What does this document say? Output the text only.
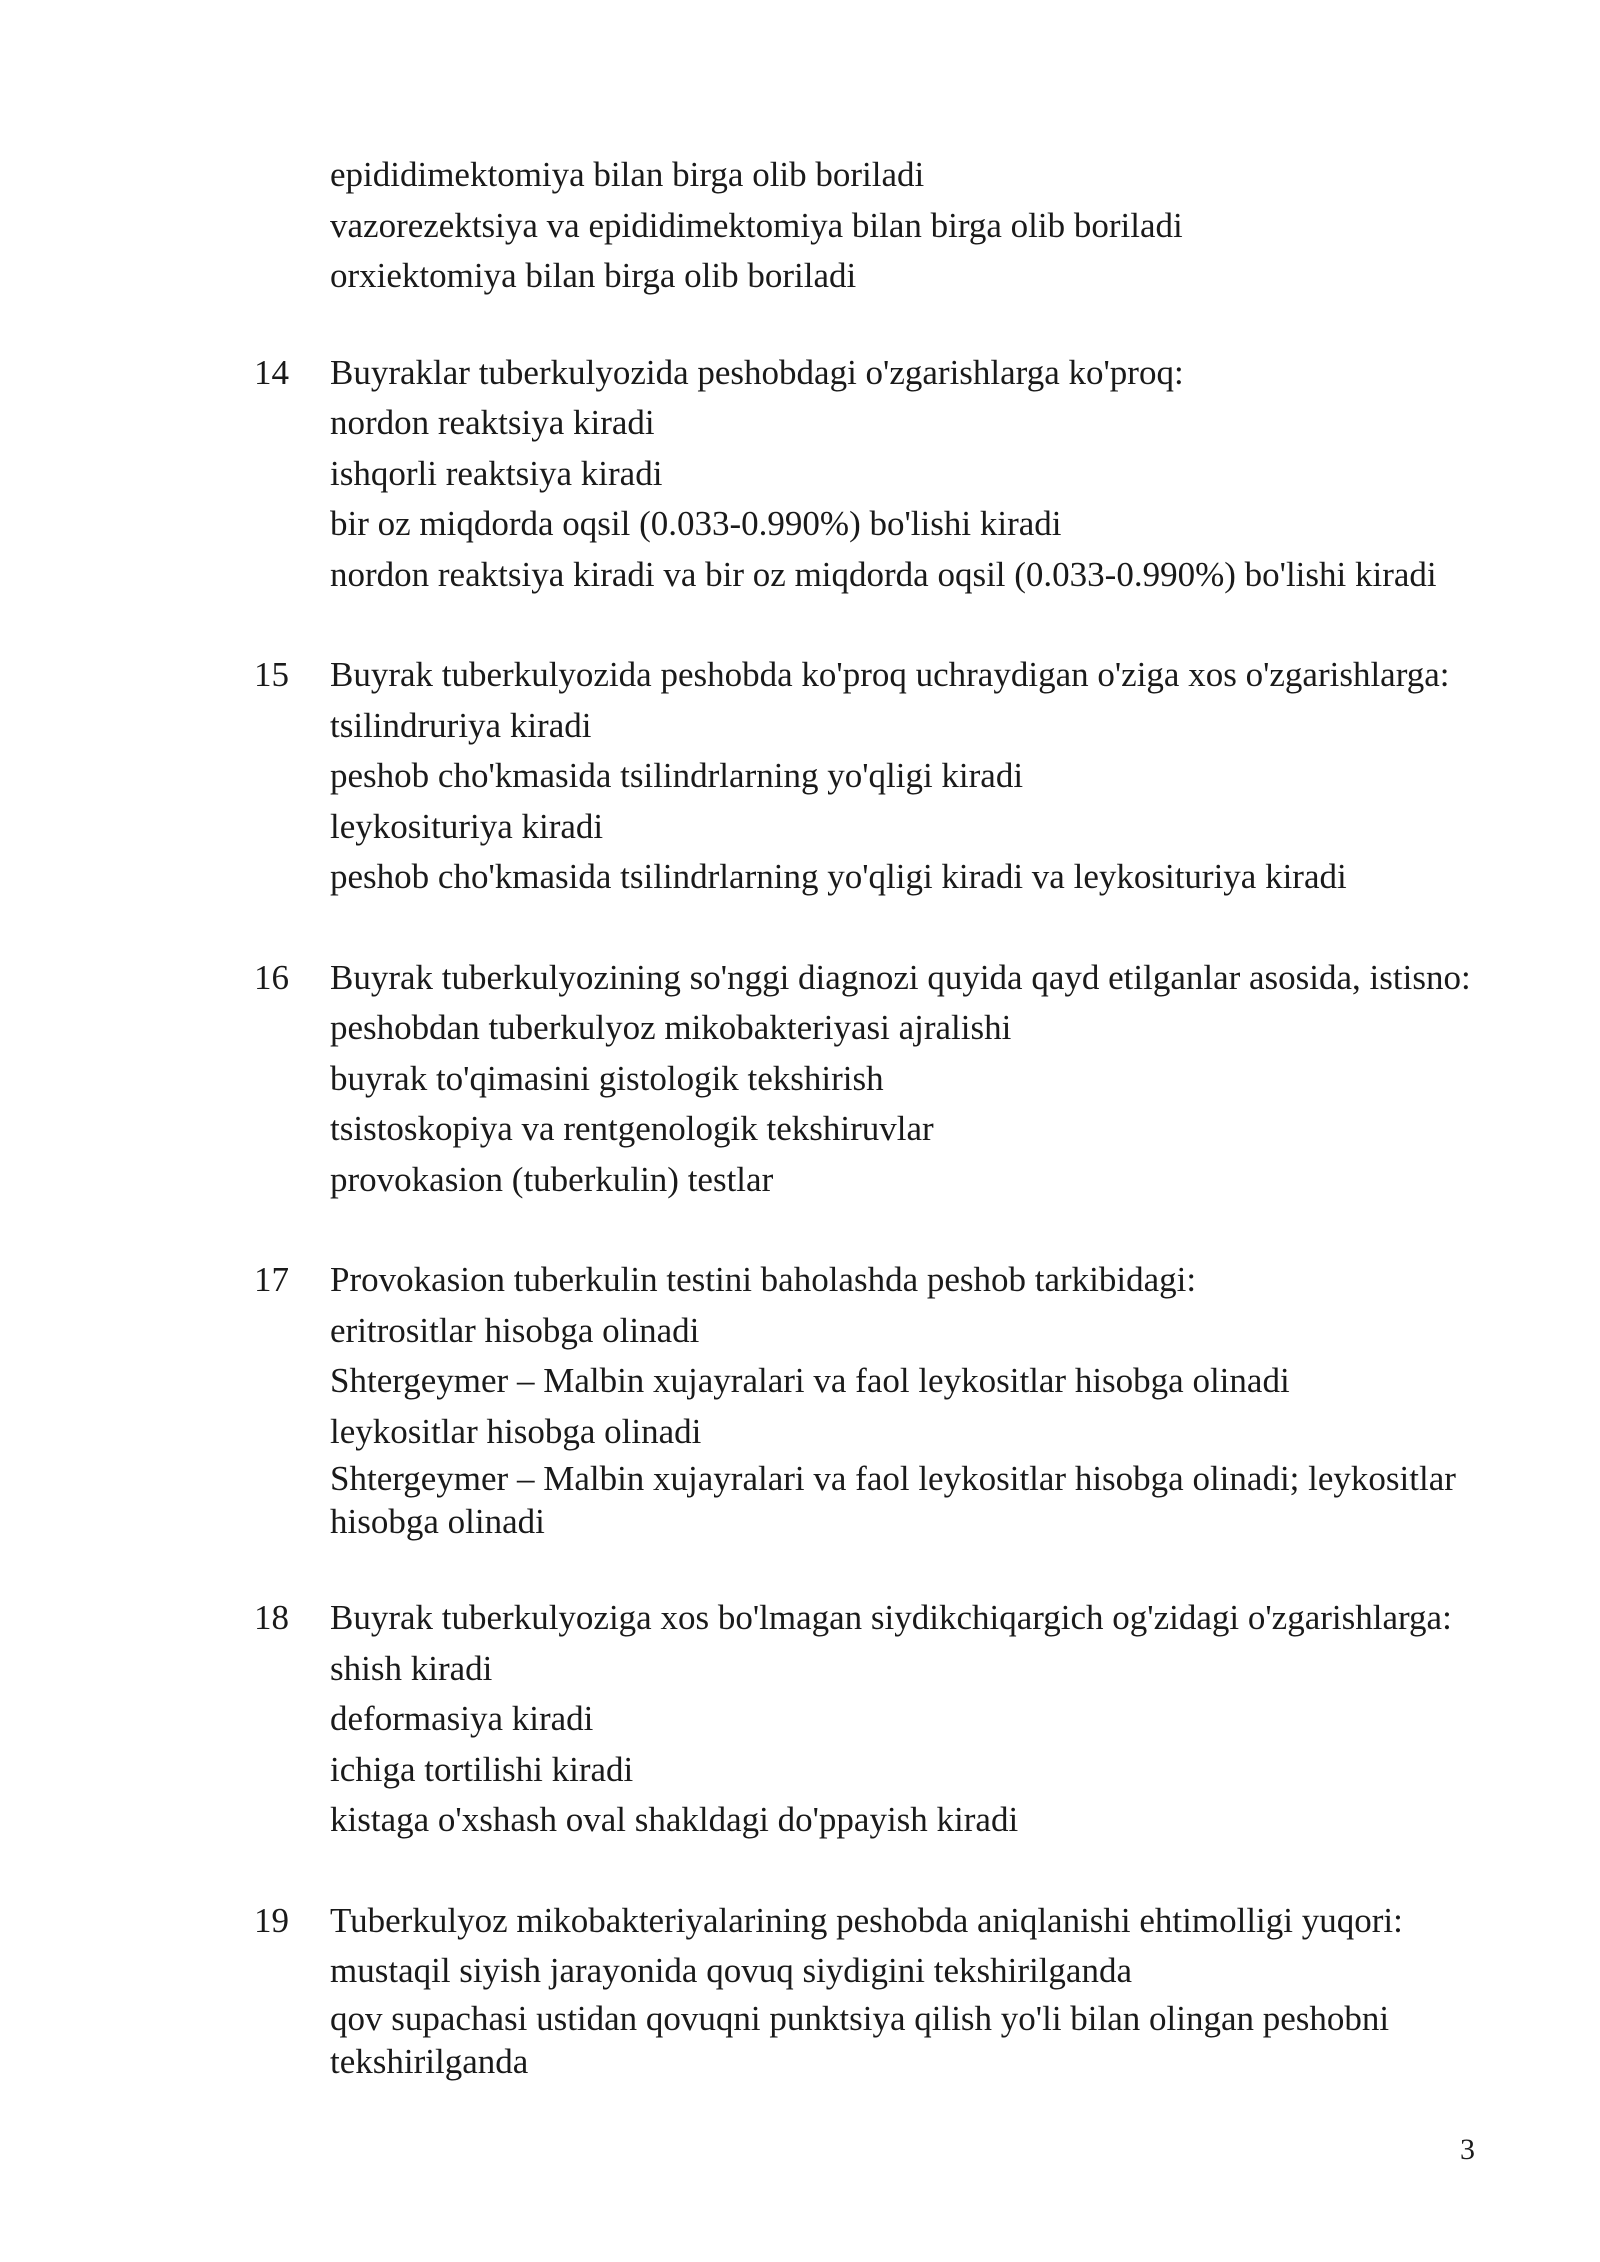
epididimektomiya bilan birga olib boriladi
vazorezektsiya va epididimektomiya bilan birga olib boriladi
orxiektomiya bilan birga olib boriladi
14 Buyraklar tuberkulyozida peshobdagi o'zgarishlarga ko'proq:
nordon reaktsiya kiradi
ishqorli reaktsiya kiradi
bir oz miqdorda oqsil (0.033-0.990%) bo'lishi kiradi
nordon reaktsiya kiradi va bir oz miqdorda oqsil (0.033-0.990%) bo'lishi kiradi
15 Buyrak tuberkulyozida peshobda ko'proq uchraydigan o'ziga xos o'zgarishlarga:
tsilindruriya kiradi
peshob cho'kmasida tsilindrlarning yo'qligi kiradi
leykosituriya kiradi
peshob cho'kmasida tsilindrlarning yo'qligi kiradi va leykosituriya kiradi
16 Buyrak tuberkulyozining so'nggi diagnozi quyida qayd etilganlar asosida, istisno:
peshobdan tuberkulyoz mikobakteriyasi ajralishi
buyrak to'qimasini gistologik tekshirish
tsistoskopiya va rentgenologik tekshiruvlar
provokasion (tuberkulin) testlar
17 Provokasion tuberkulin testini baholashda peshob tarkibidagi:
eritrositlar hisobga olinadi
Shtergeymer – Malbin xujayralari va faol leykositlar hisobga olinadi
leykositlar hisobga olinadi
Shtergeymer – Malbin xujayralari va faol leykositlar hisobga olinadi; leykositlar hisobga olinadi
18 Buyrak tuberkulyoziga xos bo'lmagan siydikchiqargich og'zidagi o'zgarishlarga:
shish kiradi
deformasiya kiradi
ichiga tortilishi kiradi
kistaga o'xshash oval shakldagi do'ppayish kiradi
19 Tuberkulyoz mikobakteriyalarining peshobda aniqlanishi ehtimolligi yuqori:
mustaqil siyish jarayonida qovuq siydigini tekshirilganda
qov supachasi ustidan qovuqni punktsiya qilish yo'li bilan olingan peshobni tekshirilganda
3
